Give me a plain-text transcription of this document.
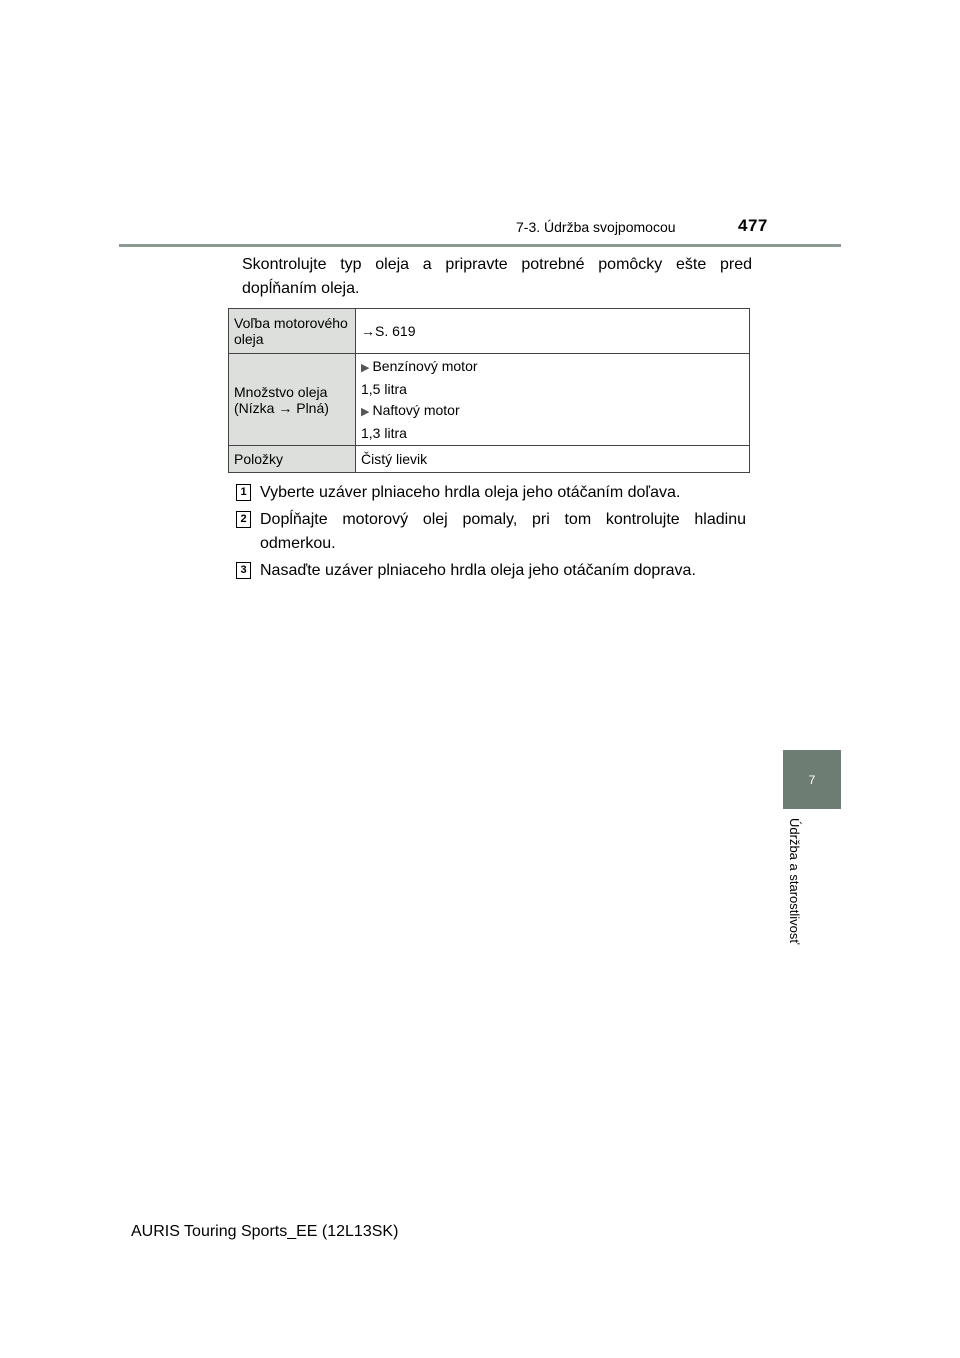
7-3. Údržba svojpomocou	477
Skontrolujte typ oleja a pripravte potrebné pomôcky ešte pred dopĺňaním oleja.
Voľba motorového oleja	→S. 619
Množstvo oleja (Nízka → Plná)	▶ Benzínový motor
1,5 litra
▶ Naftový motor
1,3 litra

Položky	Čistý lievik
1 Vyberte uzáver plniaceho hrdla oleja jeho otáčaním doľava.
2 Dopĺňajte motorový olej pomaly, pri tom kontrolujte hladinu odmerkou.
3 Nasaďte uzáver plniaceho hrdla oleja jeho otáčaním doprava.
7
Údržba a starostlivosť
AURIS Touring Sports_EE (12L13SK)
